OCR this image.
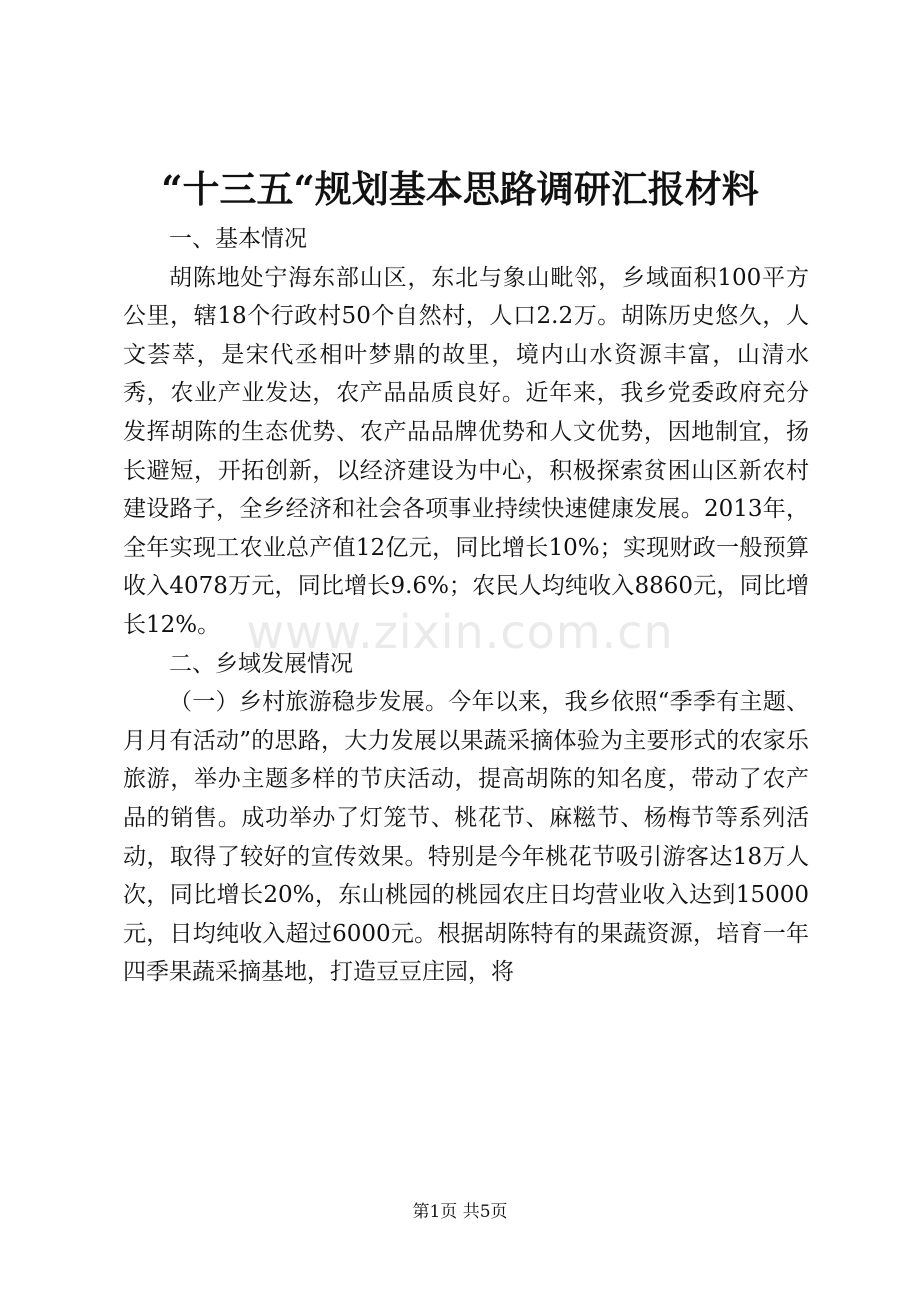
“十三五“规划基本思路调研汇报材料

一、基本情况

胡陈地处宁海东部山区，东北与象山毗邻，乡域面积100平方公里，辖18个行政村50个自然村，人口2.2万。胡陈历史悠久，人文荟萃，是宋代丞相叶梦鼎的故里，境内山水资源丰富，山清水秀，农业产业发达，农产品品质良好。近年来，我乡党委政府充分发挥胡陈的生态优势、农产品品牌优势和人文优势，因地制宜，扬长避短，开拓创新，以经济建设为中心，积极探索贫困山区新农村建设路子，全乡经济和社会各项事业持续快速健康发展。2013年，全年实现工农业总产值12亿元，同比增长10%；实现财政一般预算收入4078万元，同比增长9.6%；农民人均纯收入8860元，同比增长12%。

二、乡域发展情况

（一）乡村旅游稳步发展。今年以来，我乡依照“季季有主题、月月有活动”的思路，大力发展以果蔬采摘体验为主要形式的农家乐旅游，举办主题多样的节庆活动，提高胡陈的知名度，带动了农产品的销售。成功举办了灯笼节、桃花节、麻糍节、杨梅节等系列活动，取得了较好的宣传效果。特别是今年桃花节吸引游客达18万人次，同比增长20%，东山桃园的桃园农庄日均营业收入达到15000元，日均纯收入超过6000元。根据胡陈特有的果蔬资源，培育一年四季果蔬采摘基地，打造豆豆庄园，将

www.zixin.com.cn
第1页 共5页
